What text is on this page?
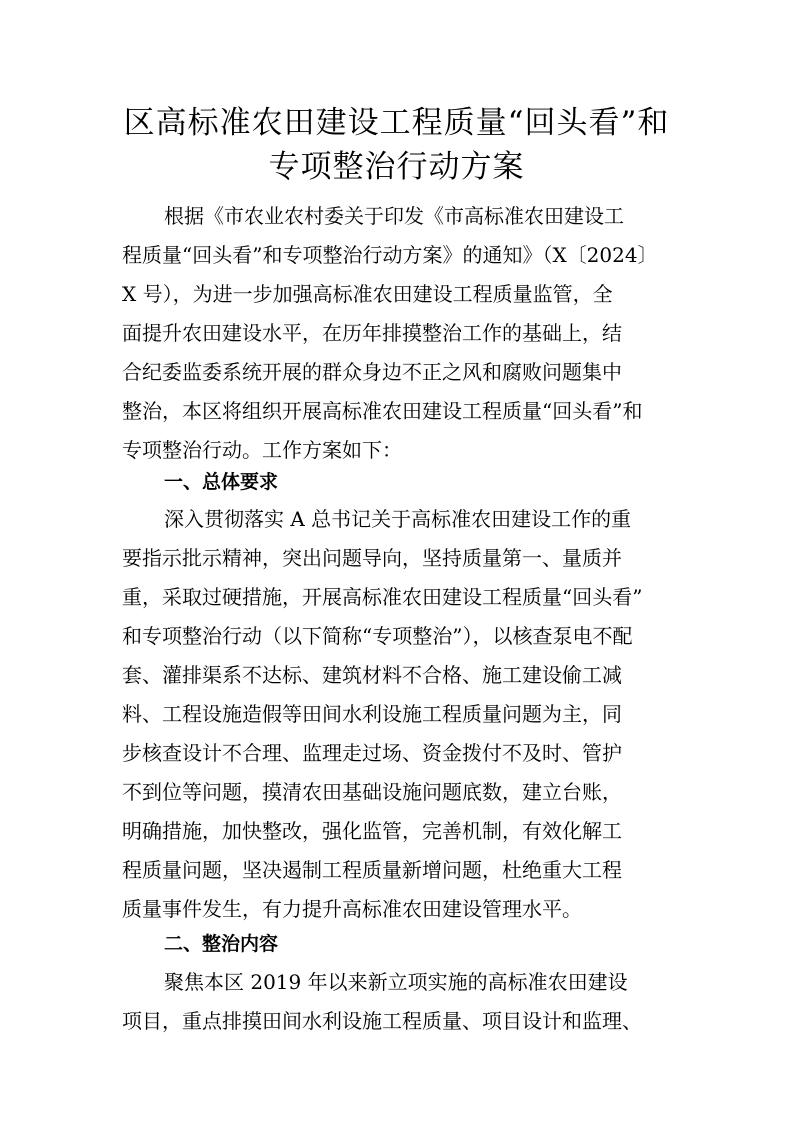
区高标准农田建设工程质量“回头看”和
专项整治行动方案

根据《市农业农村委关于印发《市高标准农田建设工

程质量“回头看”和专项整治行动方案》的通知》（X〔2024〕

X 号），为进一步加强高标准农田建设工程质量监管，全

面提升农田建设水平，在历年排摸整治工作的基础上，结

合纪委监委系统开展的群众身边不正之风和腐败问题集中

整治，本区将组织开展高标准农田建设工程质量“回头看”和

专项整治行动。工作方案如下：

一、总体要求

深入贯彻落实 A 总书记关于高标准农田建设工作的重

要指示批示精神，突出问题导向，坚持质量第一、量质并

重，采取过硬措施，开展高标准农田建设工程质量“回头看”

和专项整治行动（以下简称“专项整治”），以核查泵电不配

套、灌排渠系不达标、建筑材料不合格、施工建设偷工减

料、工程设施造假等田间水利设施工程质量问题为主，同

步核查设计不合理、监理走过场、资金拨付不及时、管护

不到位等问题，摸清农田基础设施问题底数，建立台账，

明确措施，加快整改，强化监管，完善机制，有效化解工

程质量问题，坚决遏制工程质量新增问题，杜绝重大工程

质量事件发生，有力提升高标准农田建设管理水平。

二、整治内容

聚焦本区 2019 年以来新立项实施的高标准农田建设

项目，重点排摸田间水利设施工程质量、项目设计和监理、
